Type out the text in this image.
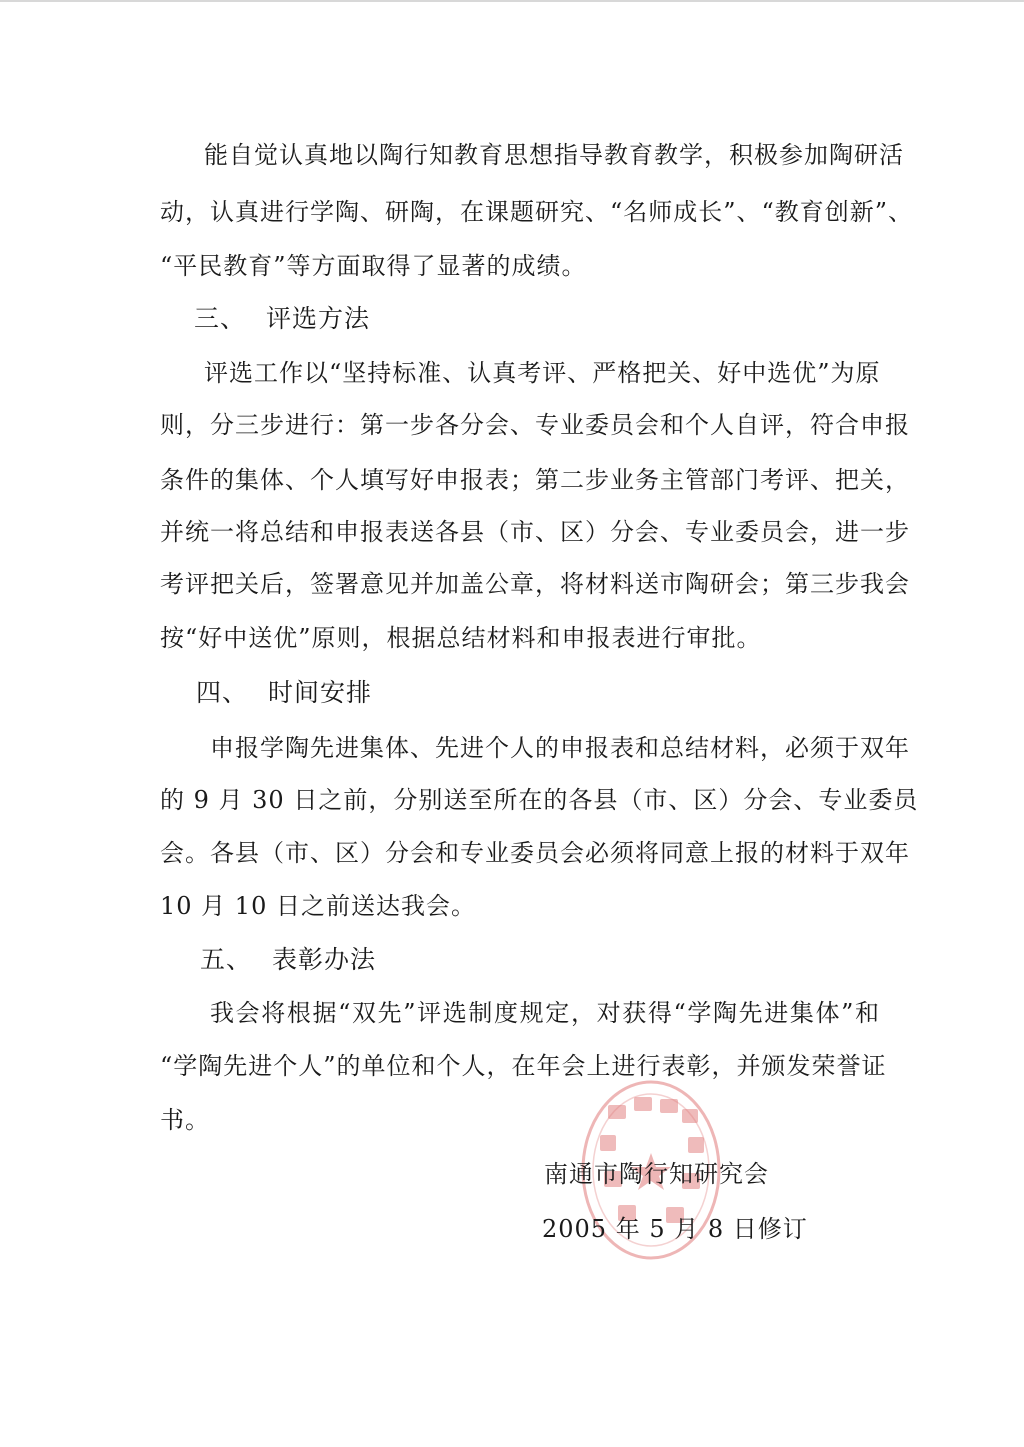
能自觉认真地以陶行知教育思想指导教育教学，积极参加陶研活
动，认真进行学陶、研陶，在课题研究、“名师成长”、“教育创新”、
“平民教育”等方面取得了显著的成绩。
三、 评选方法
评选工作以“坚持标准、认真考评、严格把关、好中选优”为原
则，分三步进行：第一步各分会、专业委员会和个人自评，符合申报
条件的集体、个人填写好申报表；第二步业务主管部门考评、把关，
并统一将总结和申报表送各县（市、区）分会、专业委员会，进一步
考评把关后，签署意见并加盖公章，将材料送市陶研会；第三步我会
按“好中送优”原则，根据总结材料和申报表进行审批。
四、 时间安排
申报学陶先进集体、先进个人的申报表和总结材料，必须于双年
的 9 月 30 日之前，分别送至所在的各县（市、区）分会、专业委员
会。各县（市、区）分会和专业委员会必须将同意上报的材料于双年
10 月 10 日之前送达我会。
五、 表彰办法
我会将根据“双先”评选制度规定，对获得“学陶先进集体”和
“学陶先进个人”的单位和个人，在年会上进行表彰，并颁发荣誉证
书。
南通市陶行知研究会
2005 年 5 月 8 日修订
